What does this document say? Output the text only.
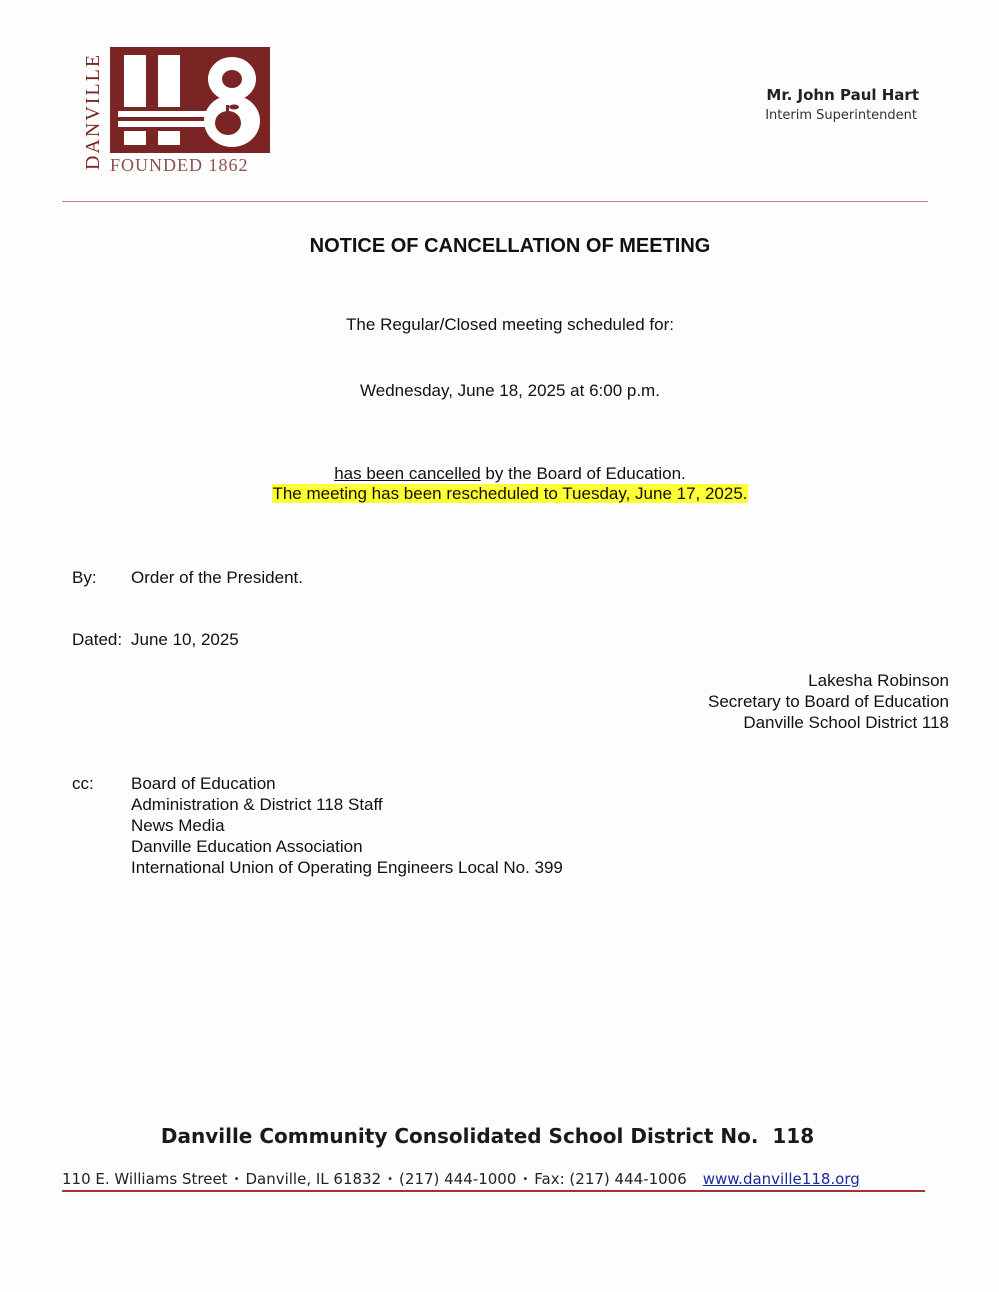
DANVILLE FOUNDED 1862
Mr. John Paul Hart
Interim Superintendent
NOTICE OF CANCELLATION OF MEETING
The Regular/Closed meeting scheduled for:
Wednesday, June 18, 2025 at 6:00 p.m.
has been cancelled by the Board of Education.
The meeting has been rescheduled to Tuesday, June 17, 2025.
By: Order of the President.
Dated: June 10, 2025
Lakesha Robinson
Secretary to Board of Education
Danville School District 118
cc: Board of Education
Administration & District 118 Staff
News Media
Danville Education Association
International Union of Operating Engineers Local No. 399
Danville Community Consolidated School District No.  118
110 E. Williams Street • Danville, IL 61832 • (217) 444-1000 • Fax: (217) 444-1006 www.danville118.org
